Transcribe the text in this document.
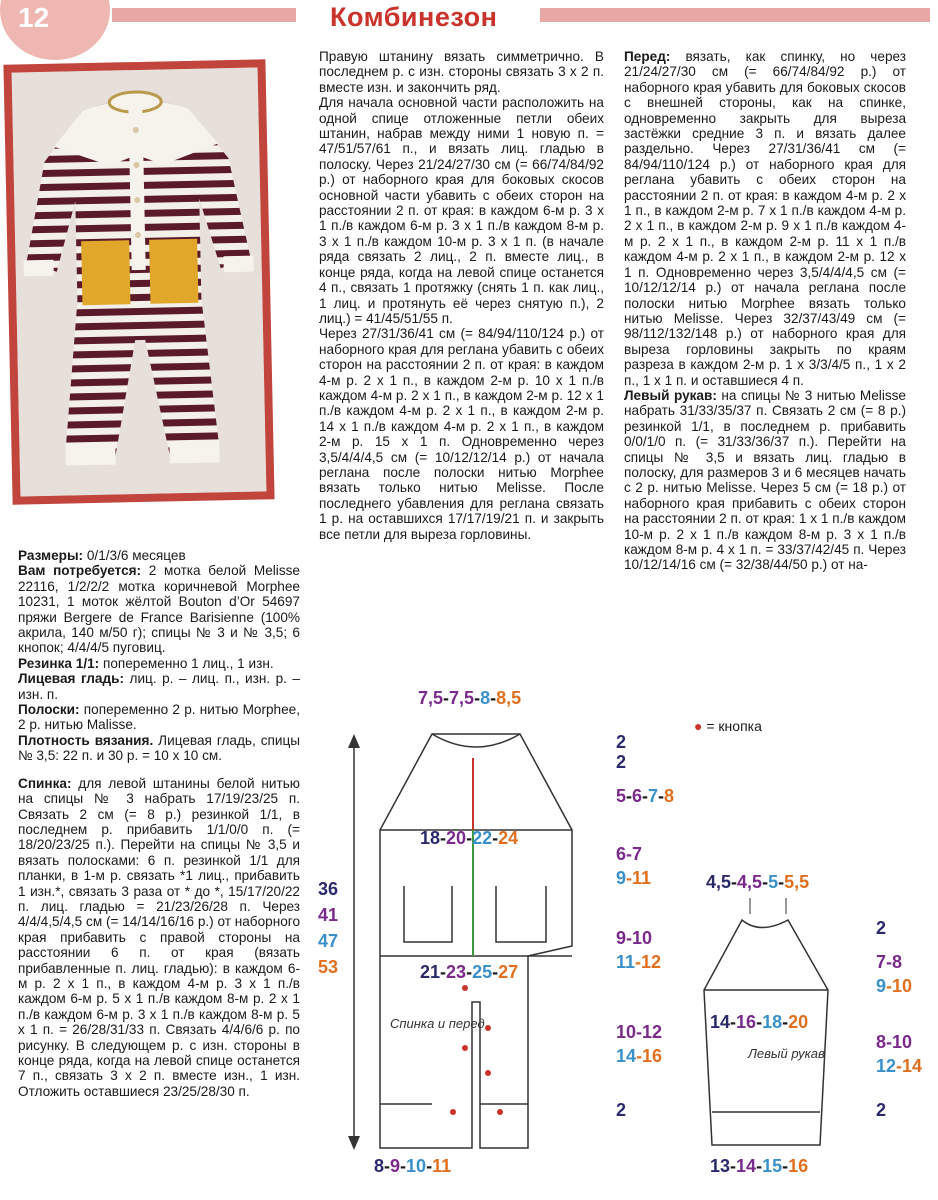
12	Комбинезон

Размеры: 0/1/3/6 месяцев

Вам потребуется: 2 мотка белой Melisse 22116, 1/2/2/2 мотка коричневой Morphee 10231, 1 моток жёлтой Bouton d’Or 54697 пряжи Bergere de France Barisienne (100% акрила, 140 м/50 г); спицы № 3 и № 3,5; 6 кнопок; 4/4/4/5 пуговиц.

Резинка 1/1: попеременно 1 лиц., 1 изн.

Лицевая гладь: лиц. р. – лиц. п., изн. р. – изн. п.

Полоски: попеременно 2 р. нитью Morphee, 2 р. нитью Malisse.

Плотность вязания. Лицевая гладь, спицы № 3,5: 22 п. и 30 р. = 10 х 10 см.

Спинка: для левой штанины белой нитью на спицы № 3 набрать 17/19/23/25 п. Связать 2 см (= 8 р.) резинкой 1/1, в последнем р. прибавить 1/1/0/0 п. (= 18/20/23/25 п.). Перейти на спицы № 3,5 и вязать полосками: 6 п. резинкой 1/1 для планки, в 1-м р. связать *1 лиц., прибавить 1 изн.*, связать 3 раза от * до *, 15/17/20/22 п. лиц. гладью = 21/23/26/28 п. Через 4/4/4,5/4,5 см (= 14/14/16/16 р.) от наборного края прибавить с правой стороны на расстоянии 6 п. от края (вязать прибавленные п. лиц. гладью): в каждом 6-м р. 2 х 1 п., в каждом 4-м р. 3 х 1 п./в каждом 6-м р. 5 х 1 п./в каждом 8-м р. 2 х 1 п./в каждом 6-м р. 3 х 1 п./в каждом 8-м р. 5 х 1 п. = 26/28/31/33 п. Связать 4/4/6/6 р. по рисунку. В следующем р. с изн. стороны в конце ряда, когда на левой спице останется 7 п., связать 3 х 2 п. вместе изн., 1 изн. Отложить оставшиеся 23/25/28/30 п.

Правую штанину вязать симметрично. В последнем р. с изн. стороны связать 3 х 2 п. вместе изн. и закончить ряд.

Для начала основной части расположить на одной спице отложенные петли обеих штанин, набрав между ними 1 новую п. = 47/51/57/61 п., и вязать лиц. гладью в полоску. Через 21/24/27/30 см (= 66/74/84/92 р.) от наборного края для боковых скосов основной части убавить с обеих сторон на расстоянии 2 п. от края: в каждом 6-м р. 3 х 1 п./в каждом 6-м р. 3 х 1 п./в каждом 8-м р. 3 х 1 п./в каждом 10-м р. 3 х 1 п. (в начале ряда связать 2 лиц., 2 п. вместе лиц., в конце ряда, когда на левой спице останется 4 п., связать 1 протяжку (снять 1 п. как лиц., 1 лиц. и протянуть её через снятую п.), 2 лиц.) = 41/45/51/55 п.

Через 27/31/36/41 см (= 84/94/110/124 р.) от наборного края для реглана убавить с обеих сторон на расстоянии 2 п. от края: в каждом 4-м р. 2 х 1 п., в каждом 2-м р. 10 х 1 п./в каждом 4-м р. 2 х 1 п., в каждом 2-м р. 12 х 1 п./в каждом 4-м р. 2 х 1 п., в каждом 2-м р. 14 х 1 п./в каждом 4-м р. 2 х 1 п., в каждом 2-м р. 15 х 1 п. Одновременно через 3,5/4/4/4,5 см (= 10/12/12/14 р.) от начала реглана после полоски нитью Morphee вязать только нитью Melisse. После последнего убавления для реглана связать 1 р. на оставшихся 17/17/19/21 п. и закрыть все петли для выреза горловины.

Перед: вязать, как спинку, но через 21/24/27/30 см (= 66/74/84/92 р.) от наборного края убавить для боковых скосов с внешней стороны, как на спинке, одновременно закрыть для выреза застёжки средние 3 п. и вязать далее раздельно. Через 27/31/36/41 см (= 84/94/110/124 р.) от наборного края для реглана убавить с обеих сторон на расстоянии 2 п. от края: в каждом 4-м р. 2 х 1 п., в каждом 2-м р. 7 х 1 п./в каждом 4-м р. 2 х 1 п., в каждом 2-м р. 9 х 1 п./в каждом 4-м р. 2 х 1 п., в каждом 2-м р. 11 х 1 п./в каждом 4-м р. 2 х 1 п., в каждом 2-м р. 12 х 1 п. Одновременно через 3,5/4/4/4,5 см (= 10/12/12/14 р.) от начала реглана после полоски нитью Morphee вязать только нитью Melisse. Через 32/37/43/49 см (= 98/112/132/148 р.) от наборного края для выреза горловины закрыть по краям разреза в каждом 2-м р. 1 х 3/3/4/5 п., 1 х 2 п., 1 х 1 п. и оставшиеся 4 п.

Левый рукав: на спицы № 3 нитью Melisse набрать 31/33/35/37 п. Связать 2 см (= 8 р.) резинкой 1/1, в последнем р. прибавить 0/0/1/0 п. (= 31/33/36/37 п.). Перейти на спицы № 3,5 и вязать лиц. гладью в полоску, для размеров 3 и 6 месяцев начать с 2 р. нитью Melisse. Через 5 см (= 18 р.) от наборного края прибавить с обеих сторон на расстоянии 2 п. от края: 1 х 1 п./в каждом 10-м р. 2 х 1 п./в каждом 8-м р. 3 х 1 п./в каждом 8-м р. 4 х 1 п. = 33/37/42/45 п. Через 10/12/14/16 см (= 32/38/44/50 р.) от на-

● = кнопка
Спинка и перед
7,5-7,5-8-8,5
18-20-22-24
21-23-25-27
8-9-10-11
36
41
47
53
2
2
5-6-7-8
6-7
9-11
9-10
11-12
10-12
14-16
2
Левый рукав
4,5-4,5-5-5,5
14-16-18-20
13-14-15-16
2
7-8
9-10
8-10
12-14
2
